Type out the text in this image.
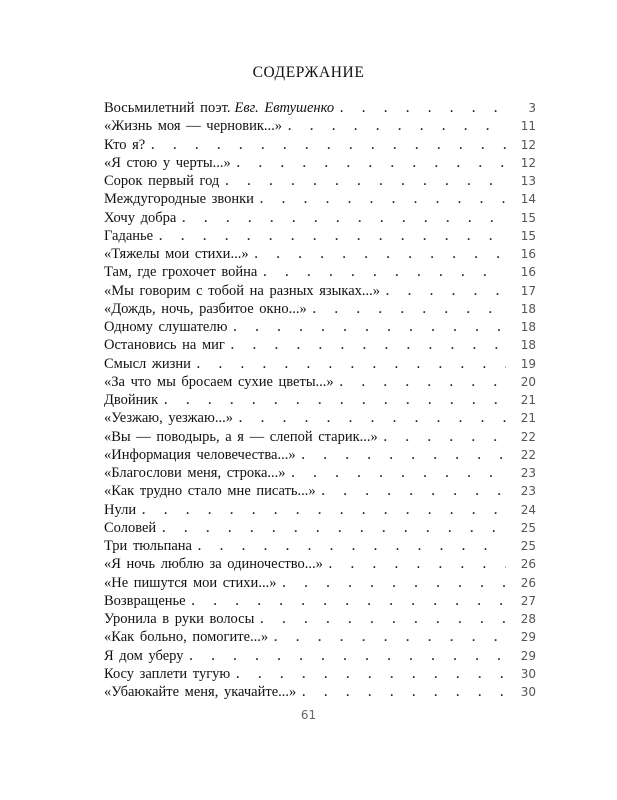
СОДЕРЖАНИЕ
Восьмилетний поэт. Евг. Евтушенко . . .	3
«Жизнь моя — черновик...» . . .	11
Кто я? . . .	12
«Я стою у черты...» . . .	12
Сорок первый год . . .	13
Междугородные звонки . . .	14
Хочу добра . . .	15
Гаданье . . .	15
«Тяжелы мои стихи...» . . .	16
Там, где грохочет война . . .	16
«Мы говорим с тобой на разных языках...» . . .	17
«Дождь, ночь, разбитое окно...» . . .	18
Одному слушателю . . .	18
Остановись на миг . . .	18
Смысл жизни . . .	19
«За что мы бросаем сухие цветы...» . . .	20
Двойник . . .	21
«Уезжаю, уезжаю...» . . .	21
«Вы — поводырь, а я — слепой старик...» . . .	22
«Информация человечества...» . . .	22
«Благослови меня, строка...» . . .	23
«Как трудно стало мне писать...» . . .	23
Нули . . .	24
Соловей . . .	25
Три тюльпана . . .	25
«Я ночь люблю за одиночество...» . . .	26
«Не пишутся мои стихи...» . . .	26
Возвращенье . . .	27
Уронила в руки волосы . . .	28
«Как больно, помогите...» . . .	29
Я дом уберу . . .	29
Косу заплети тугую . . .	30
«Убаюкайте меня, укачайте...» . . .	30
61
